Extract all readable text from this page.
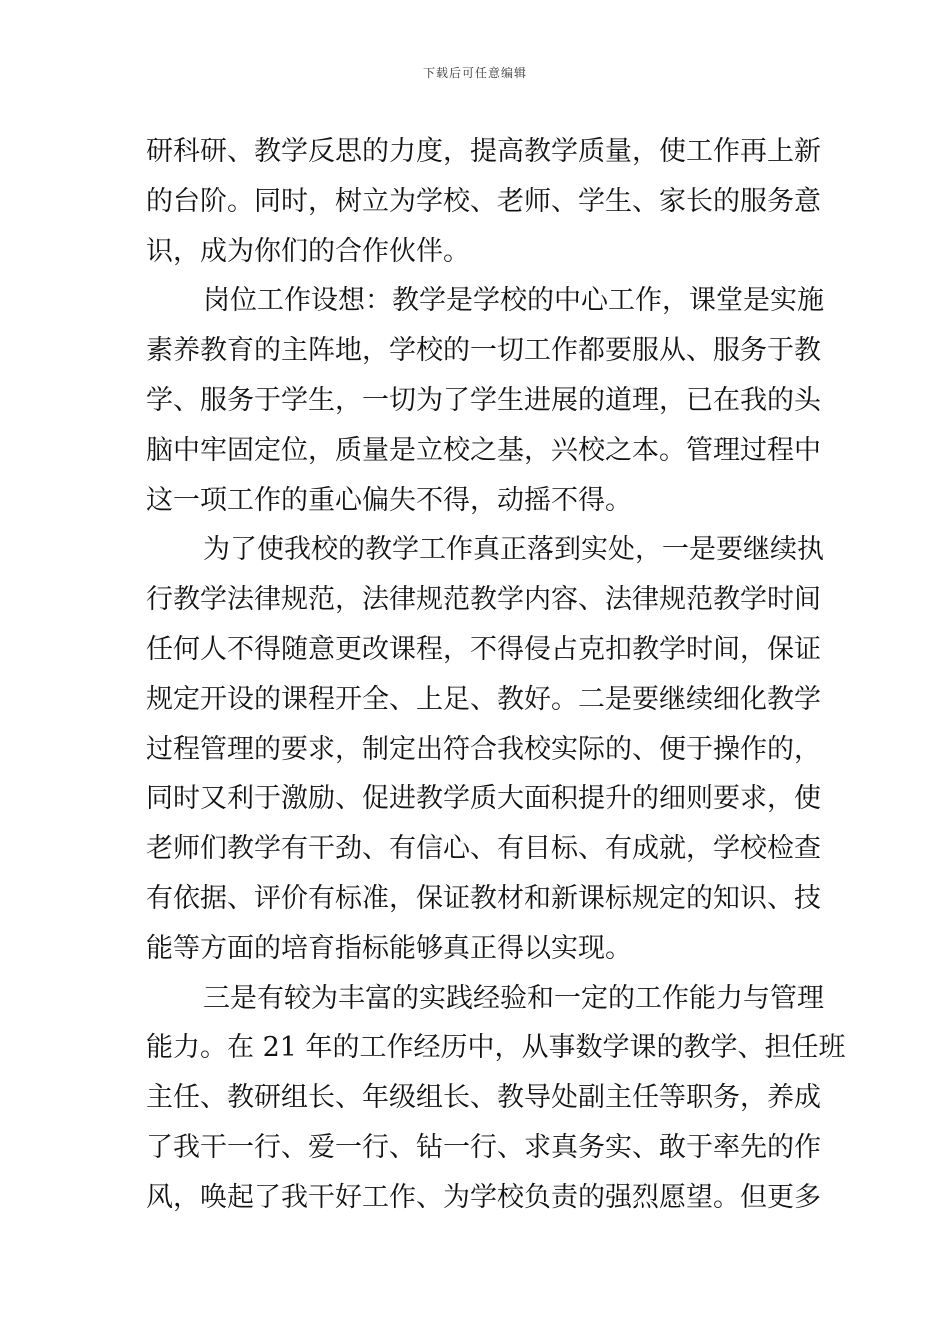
下载后可任意编辑
研科研、教学反思的力度，提高教学质量，使工作再上新
的台阶。同时，树立为学校、老师、学生、家长的服务意
识，成为你们的合作伙伴。
岗位工作设想：教学是学校的中心工作，课堂是实施
素养教育的主阵地，学校的一切工作都要服从、服务于教
学、服务于学生，一切为了学生进展的道理，已在我的头
脑中牢固定位，质量是立校之基，兴校之本。管理过程中
这一项工作的重心偏失不得，动摇不得。
为了使我校的教学工作真正落到实处，一是要继续执
行教学法律规范，法律规范教学内容、法律规范教学时间
任何人不得随意更改课程，不得侵占克扣教学时间，保证
规定开设的课程开全、上足、教好。二是要继续细化教学
过程管理的要求，制定出符合我校实际的、便于操作的，
同时又利于激励、促进教学质大面积提升的细则要求，使
老师们教学有干劲、有信心、有目标、有成就，学校检查
有依据、评价有标准，保证教材和新课标规定的知识、技
能等方面的培育指标能够真正得以实现。
三是有较为丰富的实践经验和一定的工作能力与管理
能力。在 21 年的工作经历中，从事数学课的教学、担任班
主任、教研组长、年级组长、教导处副主任等职务，养成
了我干一行、爱一行、钻一行、求真务实、敢于率先的作
风，唤起了我干好工作、为学校负责的强烈愿望。但更多
